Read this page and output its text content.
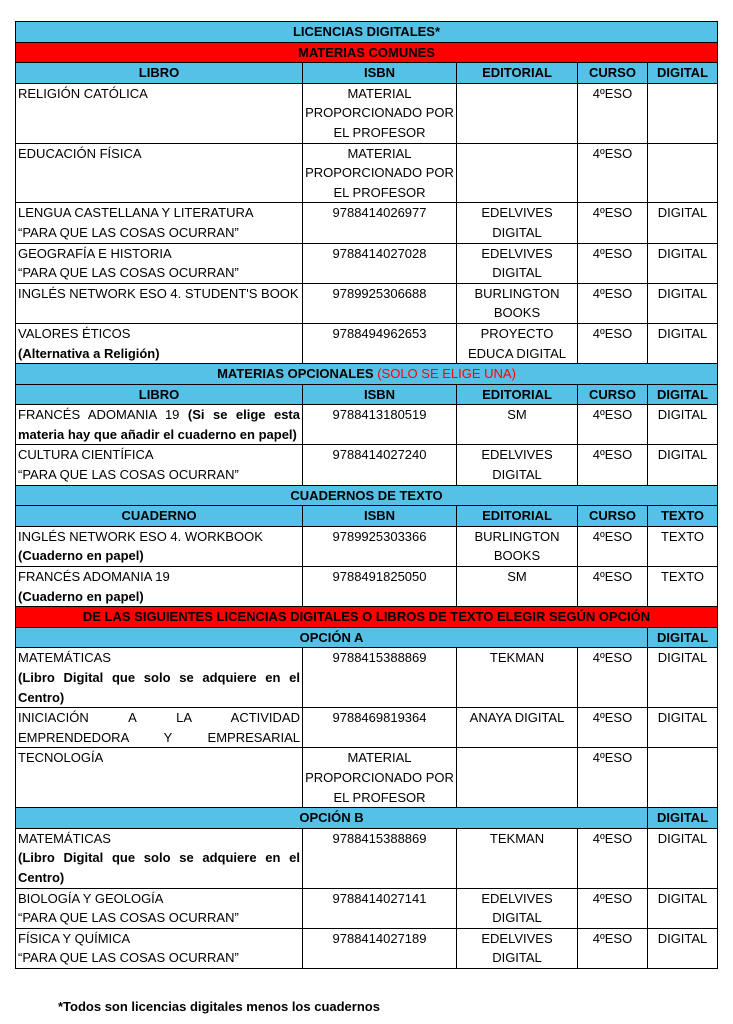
LICENCIAS DIGITALES*				
MATERIAS COMUNES				
LIBRO	ISBN	EDITORIAL	CURSO	DIGITAL
RELIGIÓN CATÓLICA	MATERIAL PROPORCIONADO POR EL PROFESOR		4ºESO	
EDUCACIÓN FÍSICA	MATERIAL PROPORCIONADO POR EL PROFESOR		4ºESO	

LENGUA CASTELLANA Y LITERATURA
“PARA QUE LAS COSAS OCURRAN”	9788414026977	EDELVIVES DIGITAL	4ºESO	DIGITAL

GEOGRAFÍA E HISTORIA
“PARA QUE LAS COSAS OCURRAN”	9788414027028	EDELVIVES DIGITAL	4ºESO	DIGITAL
INGLÉS NETWORK ESO 4. STUDENT'S BOOK	9789925306688	BURLINGTON BOOKS	4ºESO	DIGITAL

VALORES ÉTICOS
(Alternativa a Religión)	9788494962653	PROYECTO EDUCA DIGITAL	4ºESO	DIGITAL
MATERIAS OPCIONALES (SOLO SE ELIGE UNA)				
LIBRO	ISBN	EDITORIAL	CURSO	DIGITAL
FRANCÉS ADOMANIA 19 (Si se elige esta materia hay que añadir el cuaderno en papel)	9788413180519	SM	4ºESO	DIGITAL

CULTURA CIENTÍFICA
“PARA QUE LAS COSAS OCURRAN”	9788414027240	EDELVIVES DIGITAL	4ºESO	DIGITAL
CUADERNOS DE TEXTO				
CUADERNO	ISBN	EDITORIAL	CURSO	TEXTO

INGLÉS NETWORK ESO 4. WORKBOOK
(Cuaderno en papel)	9789925303366	BURLINGTON BOOKS	4ºESO	TEXTO

FRANCÉS ADOMANIA 19
(Cuaderno en papel)	9788491825050	SM	4ºESO	TEXTO
DE LAS SIGUIENTES LICENCIAS DIGITALES O LIBROS DE TEXTO ELEGIR SEGÚN OPCIÓN				
OPCIÓN A				DIGITAL

MATEMÁTICAS
(Libro Digital que solo se adquiere en el Centro)	9788415388869	TEKMAN	4ºESO	DIGITAL
INICIACIÓN A LA ACTIVIDAD EMPRENDEDORA Y EMPRESARIAL	9788469819364	ANAYA DIGITAL	4ºESO	DIGITAL
TECNOLOGÍA	MATERIAL PROPORCIONADO POR EL PROFESOR		4ºESO	
OPCIÓN B				DIGITAL

MATEMÁTICAS
(Libro Digital que solo se adquiere en el Centro)	9788415388869	TEKMAN	4ºESO	DIGITAL

BIOLOGÍA Y GEOLOGÍA
“PARA QUE LAS COSAS OCURRAN”	9788414027141	EDELVIVES DIGITAL	4ºESO	DIGITAL

FÍSICA Y QUÍMICA
“PARA QUE LAS COSAS OCURRAN”	9788414027189	EDELVIVES DIGITAL	4ºESO	DIGITAL
*Todos son licencias digitales menos los cuadernos
